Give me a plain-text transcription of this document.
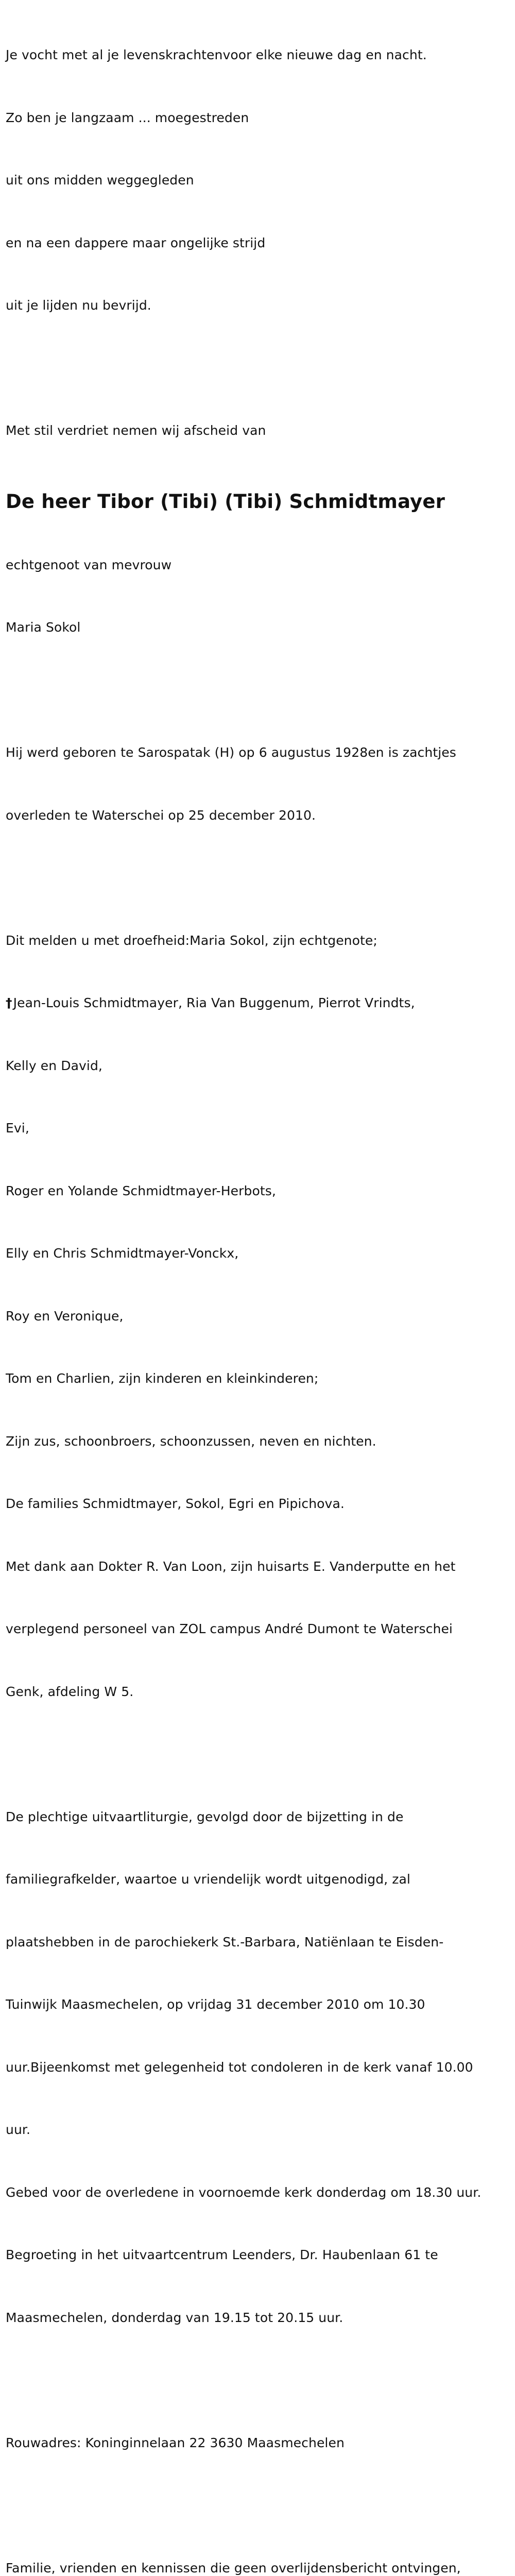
Je vocht met al je levenskrachtenvoor elke nieuwe dag en nacht.

Zo ben je langzaam ... moegestreden

uit ons midden weggegleden

en na een dappere maar ongelijke strijd

uit je lijden nu bevrijd.

Met stil verdriet nemen wij afscheid van

De heer Tibor (Tibi) (Tibi) Schmidtmayer

echtgenoot van mevrouw

Maria Sokol

Hij werd geboren te Sarospatak (H) op 6 augustus 1928en is zachtjes

overleden te Waterschei op 25 december 2010.

Dit melden u met droefheid:Maria Sokol, zijn echtgenote;

†Jean-Louis Schmidtmayer, Ria Van Buggenum, Pierrot Vrindts,

Kelly en David,

Evi,

Roger en Yolande Schmidtmayer-Herbots,

Elly en Chris Schmidtmayer-Vonckx,

Roy en Veronique,

Tom en Charlien, zijn kinderen en kleinkinderen;

Zijn zus, schoonbroers, schoonzussen, neven en nichten.

De families Schmidtmayer, Sokol, Egri en Pipichova.

Met dank aan Dokter R. Van Loon, zijn huisarts E. Vanderputte en het

verplegend personeel van ZOL campus André Dumont te Waterschei

Genk, afdeling W 5.

De plechtige uitvaartliturgie, gevolgd door de bijzetting in de

familiegrafkelder, waartoe u vriendelijk wordt uitgenodigd, zal

plaatshebben in de parochiekerk St.-Barbara, Natiënlaan te Eisden-

Tuinwijk Maasmechelen, op vrijdag 31 december 2010 om 10.30

uur.Bijeenkomst met gelegenheid tot condoleren in de kerk vanaf 10.00

uur.

Gebed voor de overledene in voornoemde kerk donderdag om 18.30 uur.

Begroeting in het uitvaartcentrum Leenders, Dr. Haubenlaan 61 te

Maasmechelen, donderdag van 19.15 tot 20.15 uur.

Rouwadres: Koninginnelaan 22 3630 Maasmechelen

Familie, vrienden en kennissen die geen overlijdensbericht ontvingen,
